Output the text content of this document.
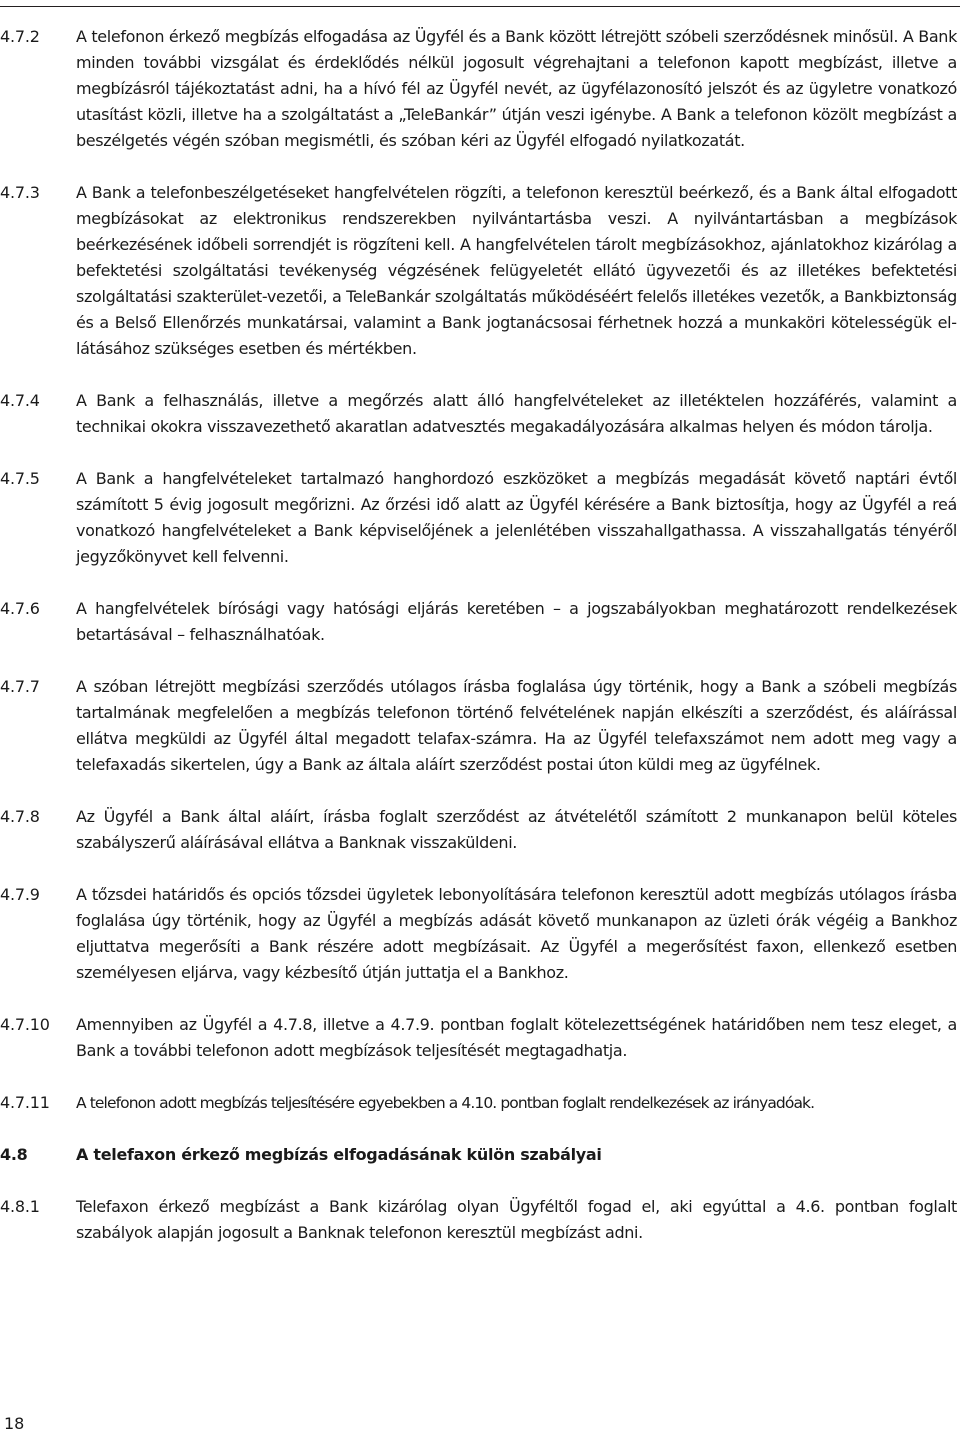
4.7.2	A telefonon érkező megbízás elfogadása az Ügyfél és a Bank között létrejött szóbeli szerződésnek minősül. A Bank minden további vizsgálat és érdeklődés nélkül jogosult végrehajtani a telefonon kapott megbízást, illetve a megbízásról tájékoztatást adni, ha a hívó fél az Ügyfél nevét, az ügyfélazonosító jelszót és az ügyletre vonatkozó utasítást közli, illetve ha a szolgáltatást a „TeleBankár” útján veszi igénybe. A Bank a telefonon közölt megbízást a beszélgetés végén szóban megismétli, és szóban kéri az Ügyfél elfogadó nyilatkozatát.
4.7.3	A Bank a telefonbeszélgetéseket hangfelvételen rögzíti, a telefonon keresztül beérkező, és a Bank által elfogadott megbízásokat az elektronikus rendszerekben nyilvántartásba veszi. A nyilvántartásban a megbízások beérkezésének időbeli sorrendjét is rögzíteni kell. A hangfelvételen tárolt megbízásokhoz, ajánlatokhoz kizárólag a befektetési szolgáltatási tevékenység végzésének felügyeletét ellátó ügyvezetői és az illetékes befektetési szolgáltatási szakterület-vezetői, a TeleBankár szolgáltatás működéséért felelős illetékes vezetők, a Bankbiztonság és a Belső Ellenőrzés munkatársai, valamint a Bank jogtanácsosai férhetnek hozzá a munkaköri kötelességük ellátásához szükséges esetben és mértékben.
4.7.4	A Bank a felhasználás, illetve a megőrzés alatt álló hangfelvételeket az illetéktelen hozzáférés, valamint a technikai okokra visszavezethető akaratlan adatvesztés megakadályozására alkalmas helyen és módon tárolja.
4.7.5	A Bank a hangfelvételeket tartalmazó hanghordozó eszközöket a megbízás megadását követő naptári évtől számított 5 évig jogosult megőrizni. Az őrzési idő alatt az Ügyfél kérésére a Bank biztosítja, hogy az Ügyfél a reá vonatkozó hangfelvételeket a Bank képviselőjének a jelenlétében visszahallgathassa. A visszahallgatás tényéről jegyzőkönyvet kell felvenni.
4.7.6	A hangfelvételek bírósági vagy hatósági eljárás keretében – a jogszabályokban meghatározott rendelkezések betartásával – felhasználhatóak.
4.7.7	A szóban létrejött megbízási szerződés utólagos írásba foglalása úgy történik, hogy a Bank a szóbeli megbízás tartalmának megfelelően a megbízás telefonon történő felvételének napján elkészíti a szerződést, és aláírással ellátva megküldi az Ügyfél által megadott telafax-számra. Ha az Ügyfél telefaxszámot nem adott meg vagy a telefaxadás sikertelen, úgy a Bank az általa aláírt szerződést postai úton küldi meg az ügyfélnek.
4.7.8	Az Ügyfél a Bank által aláírt, írásba foglalt szerződést az átvételétől számított 2 munkanapon belül köteles szabályszerű aláírásával ellátva a Banknak visszaküldeni.
4.7.9	A tőzsdei határidős és opciós tőzsdei ügyletek lebonyolítására telefonon keresztül adott megbízás utólagos írásba foglalása úgy történik, hogy az Ügyfél a megbízás adását követő munkanapon az üzleti órák végéig a Bankhoz eljuttatva megerősíti a Bank részére adott megbízásait. Az Ügyfél a megerősítést faxon, ellenkező esetben személyesen eljárva, vagy kézbesítő útján juttatja el a Bankhoz.
4.7.10	Amennyiben az Ügyfél a 4.7.8, illetve a 4.7.9. pontban foglalt kötelezettségének határidőben nem tesz eleget, a Bank a további telefonon adott megbízások teljesítését megtagadhatja.
4.7.11	A telefonon adott megbízás teljesítésére egyebekben a 4.10. pontban foglalt rendelkezések az irányadóak.
4.8	A telefaxon érkező megbízás elfogadásának külön szabályai
4.8.1	Telefaxon érkező megbízást a Bank kizárólag olyan Ügyféltől fogad el, aki egyúttal a 4.6. pontban foglalt szabályok alapján jogosult a Banknak telefonon keresztül megbízást adni.
18
